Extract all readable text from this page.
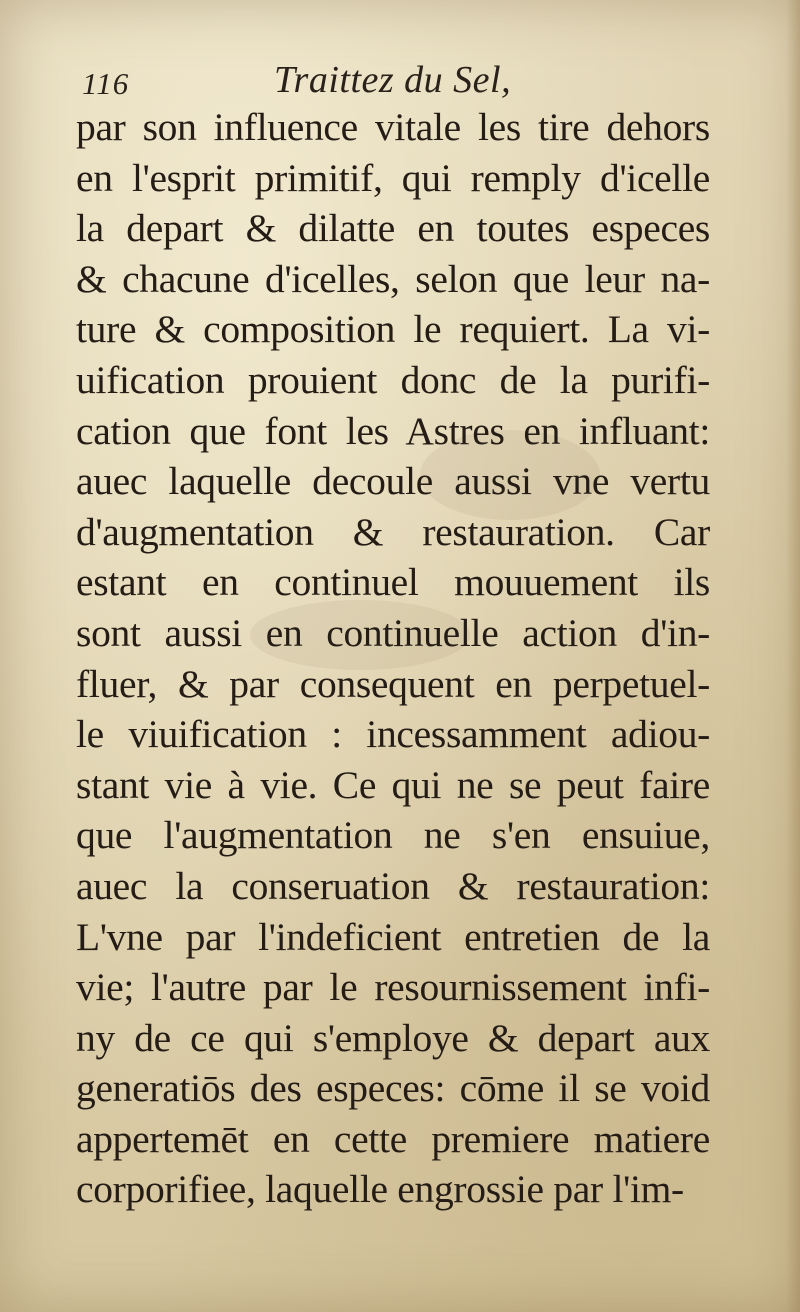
116	Traittez du Sel,
par son influence vitale les tire dehors
en l'esprit primitif, qui remply d'icelle
la depart & dilatte en toutes especes
& chacune d'icelles, selon que leur na-
ture & composition le requiert. La vi-
uification prouient donc de la purifi-
cation que font les Astres en influant:
auec laquelle decoule aussi vne vertu
d'augmentation & restauration. Car
estant en continuel mouuement ils
sont aussi en continuelle action d'in-
fluer, & par consequent en perpetuel-
le viuification : incessamment adiou-
stant vie à vie. Ce qui ne se peut faire
que l'augmentation ne s'en ensuiue,
auec la conseruation & restauration:
L'vne par l'indeficient entretien de la
vie; l'autre par le resournissement infi-
ny de ce qui s'employe & depart aux
generatiōs des especes: cōme il se void
appertemēt en cette premiere matiere
corporifiee, laquelle engrossie par l'im-
